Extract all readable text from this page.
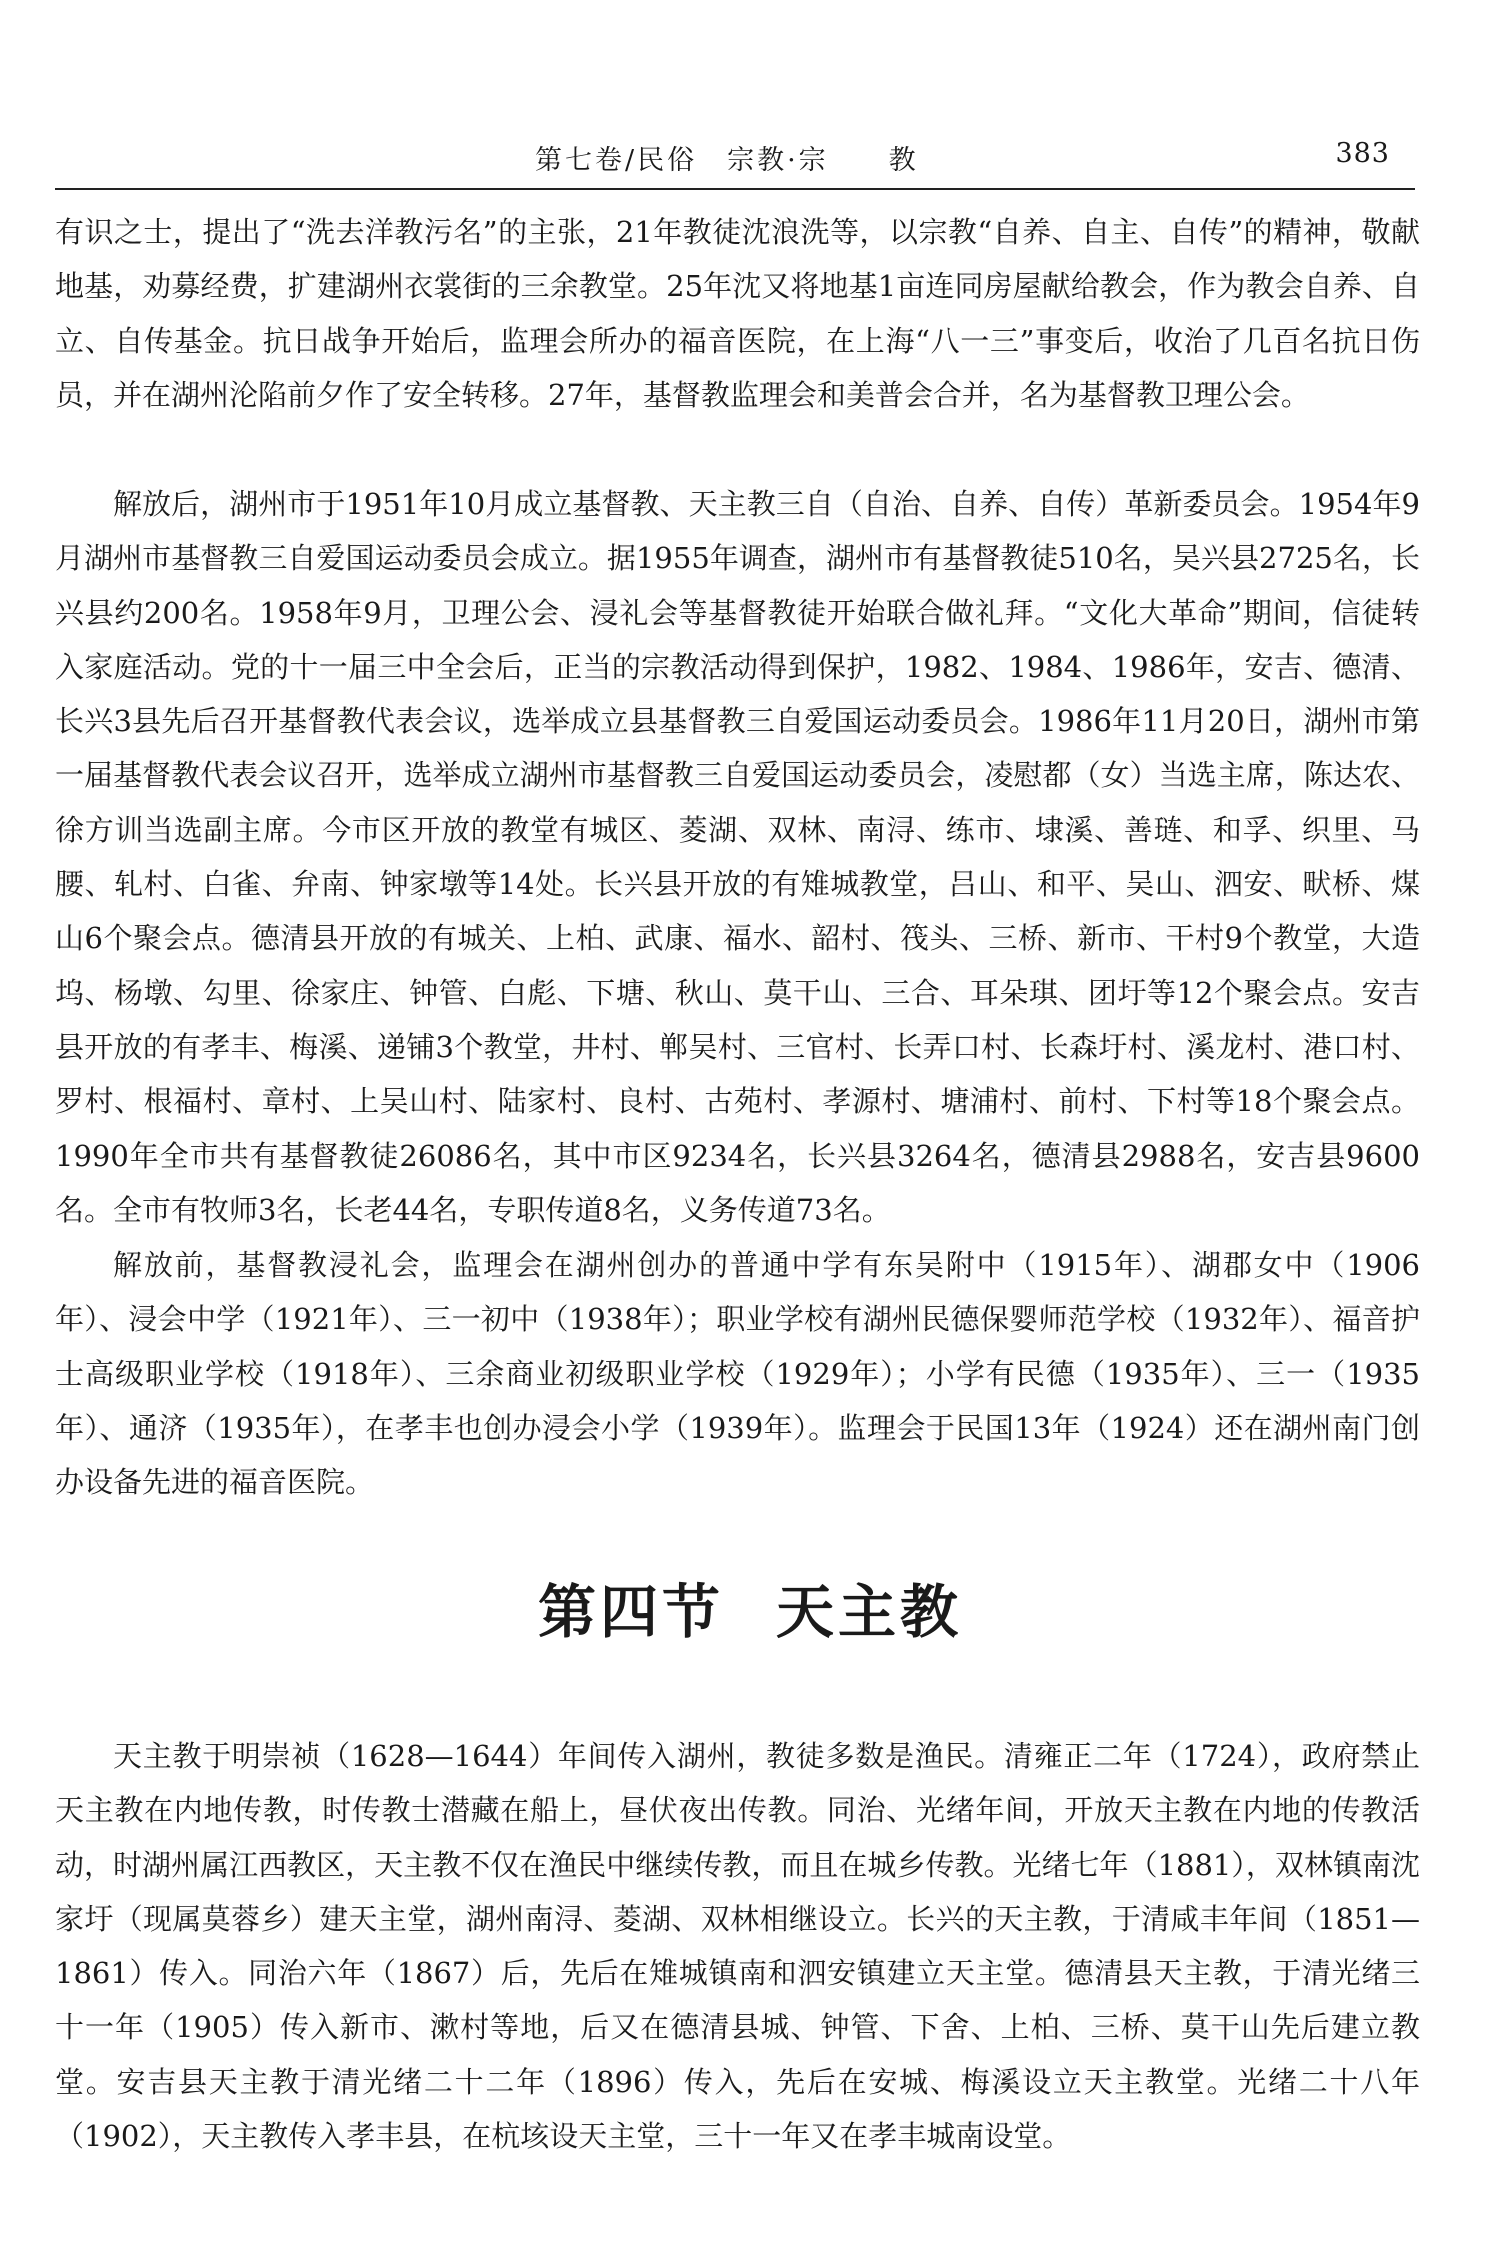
第七卷/民俗　宗教·宗　　教	383

有识之士，提出了“洗去洋教污名”的主张，21年教徒沈浪洗等，以宗教“自养、自主、自传”的精神，敬献地基，劝募经费，扩建湖州衣裳街的三余教堂。25年沈又将地基1亩连同房屋献给教会，作为教会自养、自立、自传基金。抗日战争开始后，监理会所办的福音医院，在上海“八一三”事变后，收治了几百名抗日伤员，并在湖州沦陷前夕作了安全转移。27年，基督教监理会和美普会合并，名为基督教卫理公会。

解放后，湖州市于1951年10月成立基督教、天主教三自（自治、自养、自传）革新委员会。1954年9月湖州市基督教三自爱国运动委员会成立。据1955年调查，湖州市有基督教徒510名，吴兴县2725名，长兴县约200名。1958年9月，卫理公会、浸礼会等基督教徒开始联合做礼拜。“文化大革命”期间，信徒转入家庭活动。党的十一届三中全会后，正当的宗教活动得到保护，1982、1984、1986年，安吉、德清、长兴3县先后召开基督教代表会议，选举成立县基督教三自爱国运动委员会。1986年11月20日，湖州市第一届基督教代表会议召开，选举成立湖州市基督教三自爱国运动委员会，凌慰都（女）当选主席，陈达农、徐方训当选副主席。今市区开放的教堂有城区、菱湖、双林、南浔、练市、埭溪、善琏、和孚、织里、马腰、轧村、白雀、弁南、钟家墩等14处。长兴县开放的有雉城教堂，吕山、和平、吴山、泗安、畎桥、煤山6个聚会点。德清县开放的有城关、上柏、武康、福水、韶村、筏头、三桥、新市、干村9个教堂，大造坞、杨墩、勾里、徐家庄、钟管、白彪、下塘、秋山、莫干山、三合、耳朵琪、团圩等12个聚会点。安吉县开放的有孝丰、梅溪、递铺3个教堂，井村、郸吴村、三官村、长弄口村、长森圩村、溪龙村、港口村、罗村、根福村、章村、上吴山村、陆家村、良村、古苑村、孝源村、塘浦村、前村、下村等18个聚会点。1990年全市共有基督教徒26086名，其中市区9234名，长兴县3264名，德清县2988名，安吉县9600名。全市有牧师3名，长老44名，专职传道8名，义务传道73名。

解放前，基督教浸礼会，监理会在湖州创办的普通中学有东吴附中（1915年）、湖郡女中（1906年）、浸会中学（1921年）、三一初中（1938年）；职业学校有湖州民德保婴师范学校（1932年）、福音护士高级职业学校（1918年）、三余商业初级职业学校（1929年）；小学有民德（1935年）、三一（1935年）、通济（1935年），在孝丰也创办浸会小学（1939年）。监理会于民国13年（1924）还在湖州南门创办设备先进的福音医院。

第四节 天主教

天主教于明崇祯（1628—1644）年间传入湖州，教徒多数是渔民。清雍正二年（1724），政府禁止天主教在内地传教，时传教士潜藏在船上，昼伏夜出传教。同治、光绪年间，开放天主教在内地的传教活动，时湖州属江西教区，天主教不仅在渔民中继续传教，而且在城乡传教。光绪七年（1881），双林镇南沈家圩（现属莫蓉乡）建天主堂，湖州南浔、菱湖、双林相继设立。长兴的天主教，于清咸丰年间（1851—1861）传入。同治六年（1867）后，先后在雉城镇南和泗安镇建立天主堂。德清县天主教，于清光绪三十一年（1905）传入新市、漱村等地，后又在德清县城、钟管、下舍、上柏、三桥、莫干山先后建立教堂。安吉县天主教于清光绪二十二年（1896）传入，先后在安城、梅溪设立天主教堂。光绪二十八年（1902），天主教传入孝丰县，在杭垓设天主堂，三十一年又在孝丰城南设堂。
